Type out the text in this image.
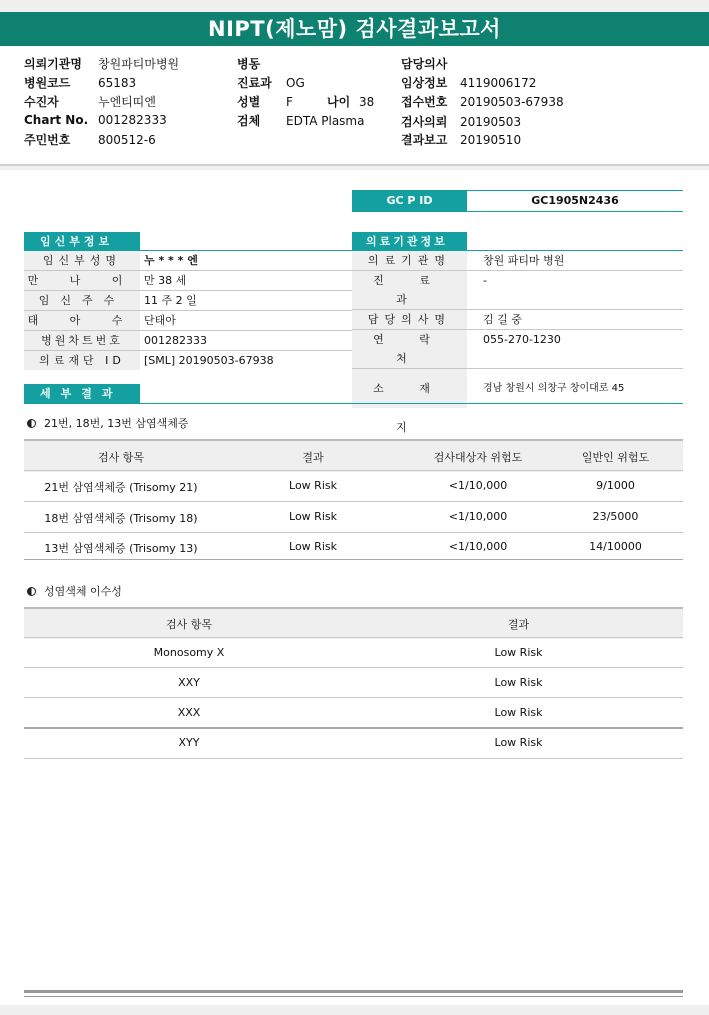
NIPT(제노맘) 검사결과보고서
의뢰기관명 창원파티마병원
병원코드 65183
수진자	누엔티띠엔
Chart No. 001282333
주민번호 800512-6
병동
진료과 OG
성별 F	나이 38
검체 EDTA Plasma
담당의사
임상정보 4119006172
접수번호 20190503-67938
검사의뢰 20190503
결과보고 20190510
GC P ID	GC1905N2436
임신부정보
임신부성명	누 * * * 엔
만 나 이 만 38 세
임신주수	11 주 2 일
태 아 수 단태아
병원차트번호	001282333
의료재단 ID	[SML] 20190503-67938
의료기관정보
의료기관명	창원 파티마 병원
진 료 과
-
담당의사명	김 길 중
연 락 처
055-270-1230
소 재 지
경남 창원시 의창구 창이대로 45
세부결과
21번, 18번, 13번 삼염색체증
검사 항목	결과	검사대상자 위험도	일반인 위험도
21번 삼염색체증 (Trisomy 21)	Low Risk	<1/10,000	9/1000
18번 삼염색체증 (Trisomy 18)	Low Risk	<1/10,000	23/5000
13번 삼염색체증 (Trisomy 13)	Low Risk	<1/10,000	14/10000
성염색체 이수성
검사 항목	결과
Monosomy X	Low Risk
XXY	Low Risk
XXX	Low Risk
XYY	Low Risk
